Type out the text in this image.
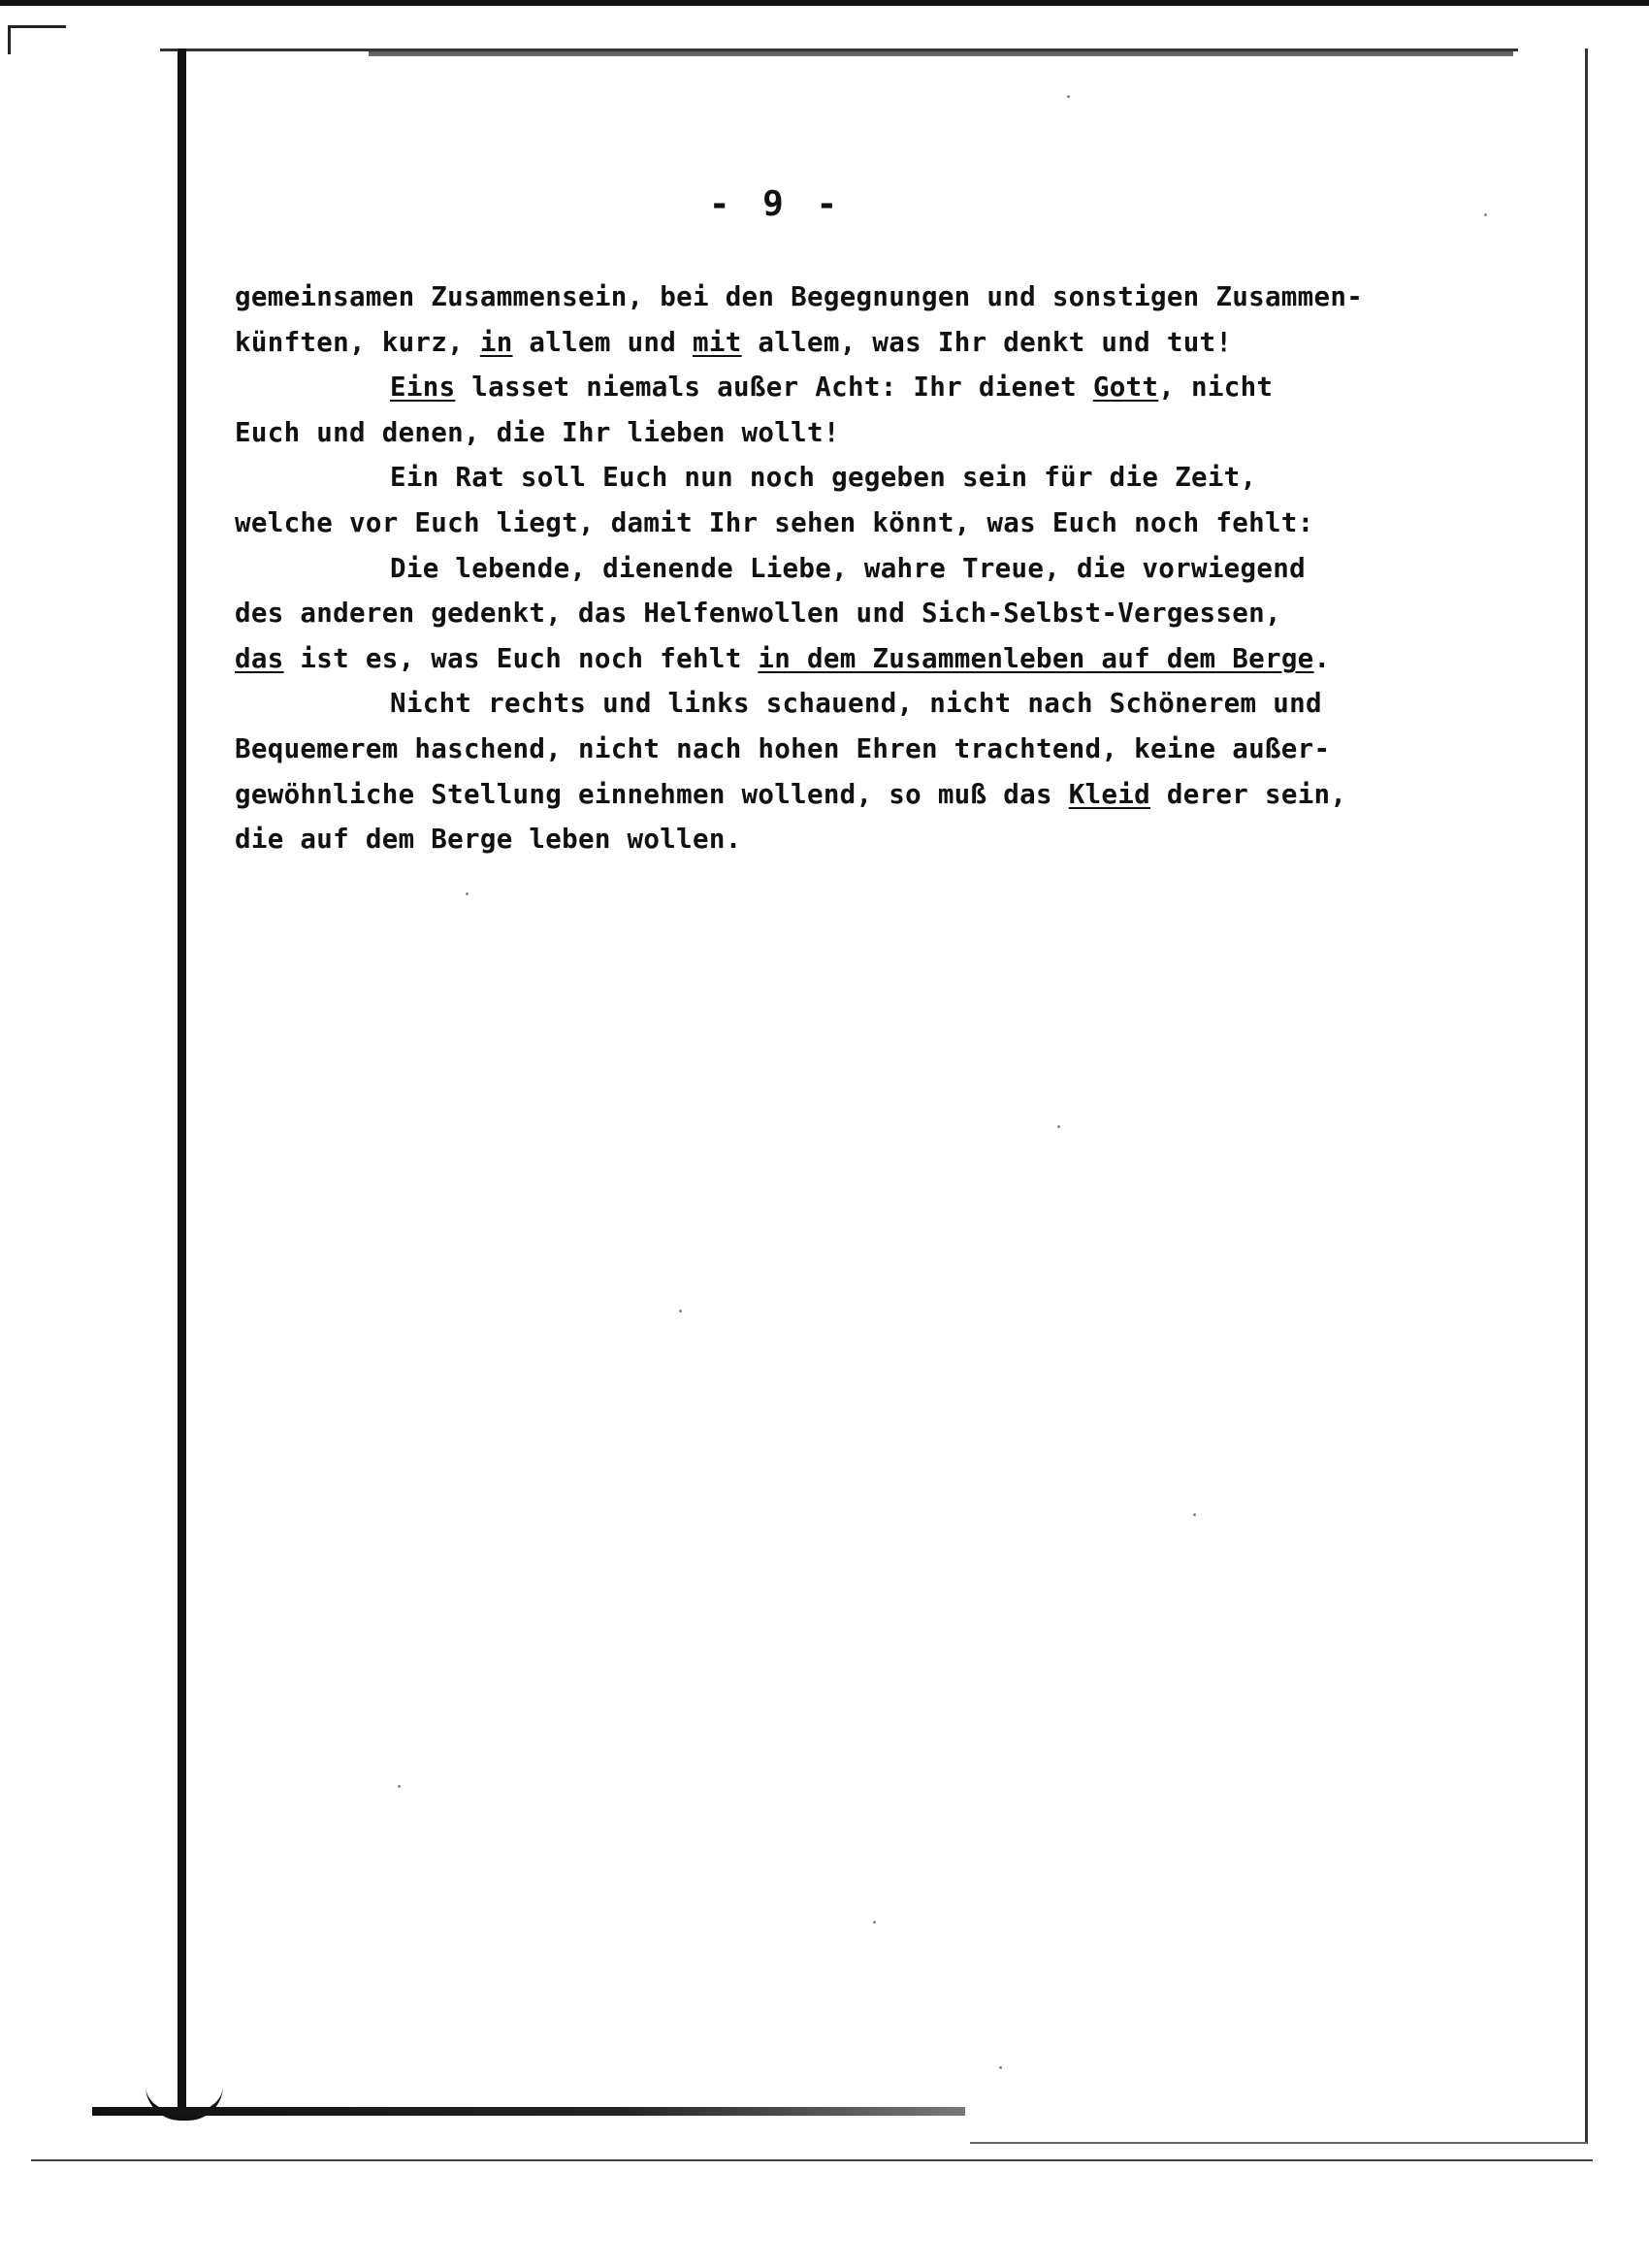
- 9 -
gemeinsamen Zusammensein, bei den Begegnungen und sonstigen Zusammen-
künften, kurz, in allem und mit allem, was Ihr denkt und tut!
Eins lasset niemals außer Acht: Ihr dienet Gott, nicht
Euch und denen, die Ihr lieben wollt!
Ein Rat soll Euch nun noch gegeben sein für die Zeit,
welche vor Euch liegt, damit Ihr sehen könnt, was Euch noch fehlt:
Die lebende, dienende Liebe, wahre Treue, die vorwiegend
des anderen gedenkt, das Helfenwollen und Sich-Selbst-Vergessen,
das ist es, was Euch noch fehlt in dem Zusammenleben auf dem Berge.
Nicht rechts und links schauend, nicht nach Schönerem und
Bequemerem haschend, nicht nach hohen Ehren trachtend, keine außer-
gewöhnliche Stellung einnehmen wollend, so muß das Kleid derer sein,
die auf dem Berge leben wollen.
